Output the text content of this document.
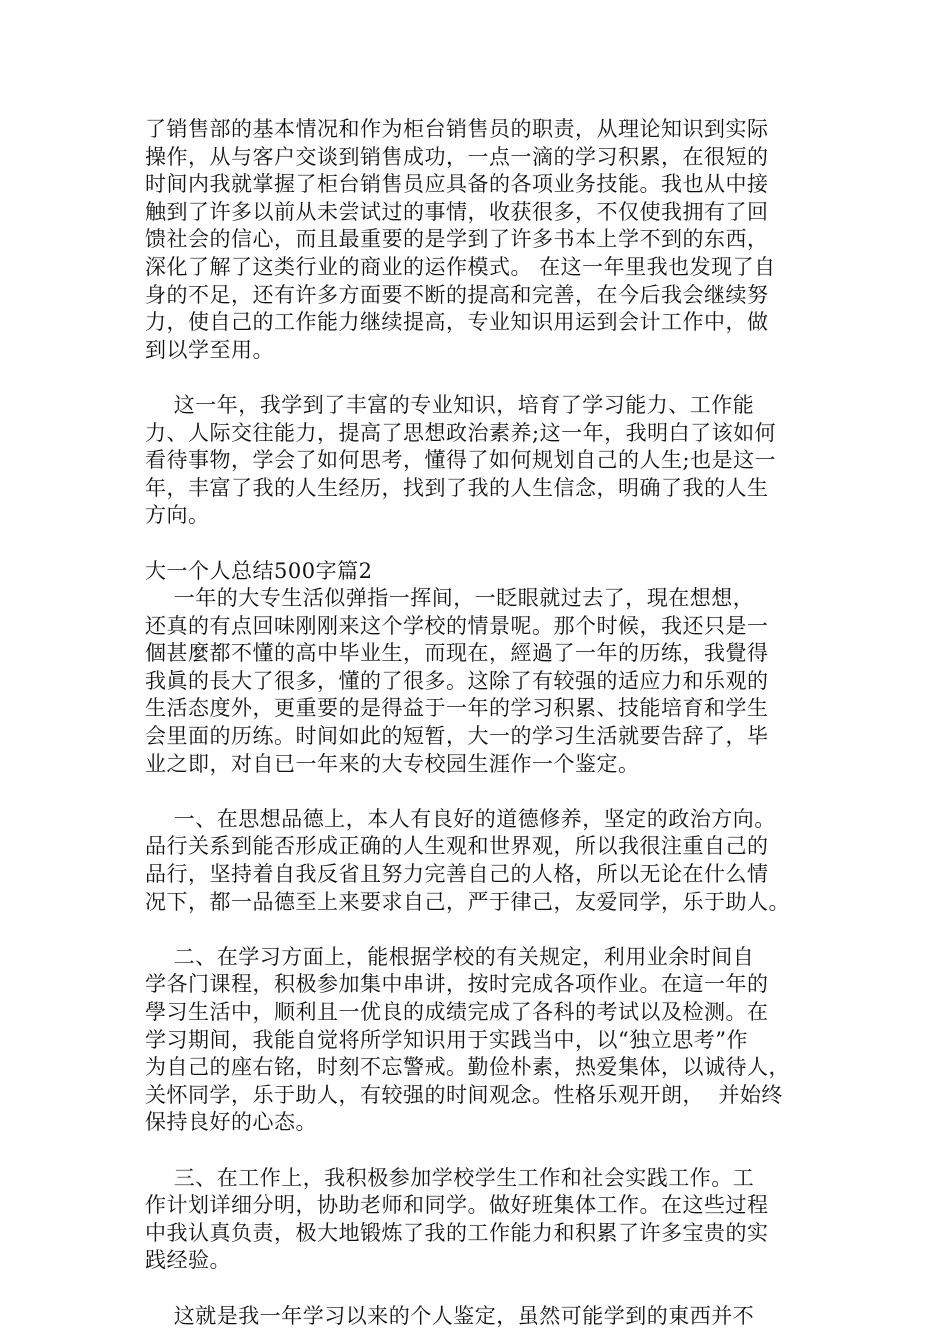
了销售部的基本情况和作为柜台销售员的职责，从理论知识到实际
操作，从与客户交谈到销售成功，一点一滴的学习积累，在很短的
时间内我就掌握了柜台销售员应具备的各项业务技能。我也从中接
触到了许多以前从未尝试过的事情，收获很多，不仅使我拥有了回
馈社会的信心，而且最重要的是学到了许多书本上学不到的东西，
深化了解了这类行业的商业的运作模式。 在这一年里我也发现了自
身的不足，还有许多方面要不断的提高和完善，在今后我会继续努
力，使自己的工作能力继续提高，专业知识用运到会计工作中，做
到以学至用。
这一年，我学到了丰富的专业知识，培育了学习能力、工作能
力、人际交往能力，提高了思想政治素养;这一年，我明白了该如何
看待事物，学会了如何思考，懂得了如何规划自己的人生;也是这一
年，丰富了我的人生经历，找到了我的人生信念，明确了我的人生
方向。
大一个人总结500字篇2
一年的大专生活似弹指一挥间，一眨眼就过去了，現在想想，
还真的有点回味刚刚来这个学校的情景呢。那个时候，我还只是一
個甚麼都不懂的高中毕业生，而现在，經過了一年的历练，我覺得
我眞的長大了很多，懂的了很多。这除了有较强的适应力和乐观的
生活态度外，更重要的是得益于一年的学习积累、技能培育和学生
会里面的历练。时间如此的短暂，大一的学习生活就要告辞了，毕
业之即，对自已一年来的大专校园生涯作一个鉴定。
一、在思想品德上，本人有良好的道德修养，坚定的政治方向。
品行关系到能否形成正确的人生观和世界观，所以我很注重自己的
品行，坚持着自我反省且努力完善自己的人格，所以无论在什么情
况下，都一品德至上来要求自己，严于律己，友爱同学，乐于助人。
二、在学习方面上，能根据学校的有关规定，利用业余时间自
学各门课程，积极参加集中串讲，按时完成各项作业。在這一年的
學习生活中，顺利且一优良的成绩完成了各科的考试以及检测。在
学习期间，我能自觉将所学知识用于实践当中，以“独立思考”作
为自己的座右铭，时刻不忘警戒。勤俭朴素，热爱集体，以诚待人，
关怀同学，乐于助人，有较强的时间观念。性格乐观开朗，  并始终
保持良好的心态。
三、在工作上，我积极参加学校学生工作和社会实践工作。工
作计划详细分明，协助老师和同学。做好班集体工作。在这些过程
中我认真负责，极大地锻炼了我的工作能力和积累了许多宝贵的实
践经验。
这就是我一年学习以来的个人鉴定，虽然可能学到的東西并不
